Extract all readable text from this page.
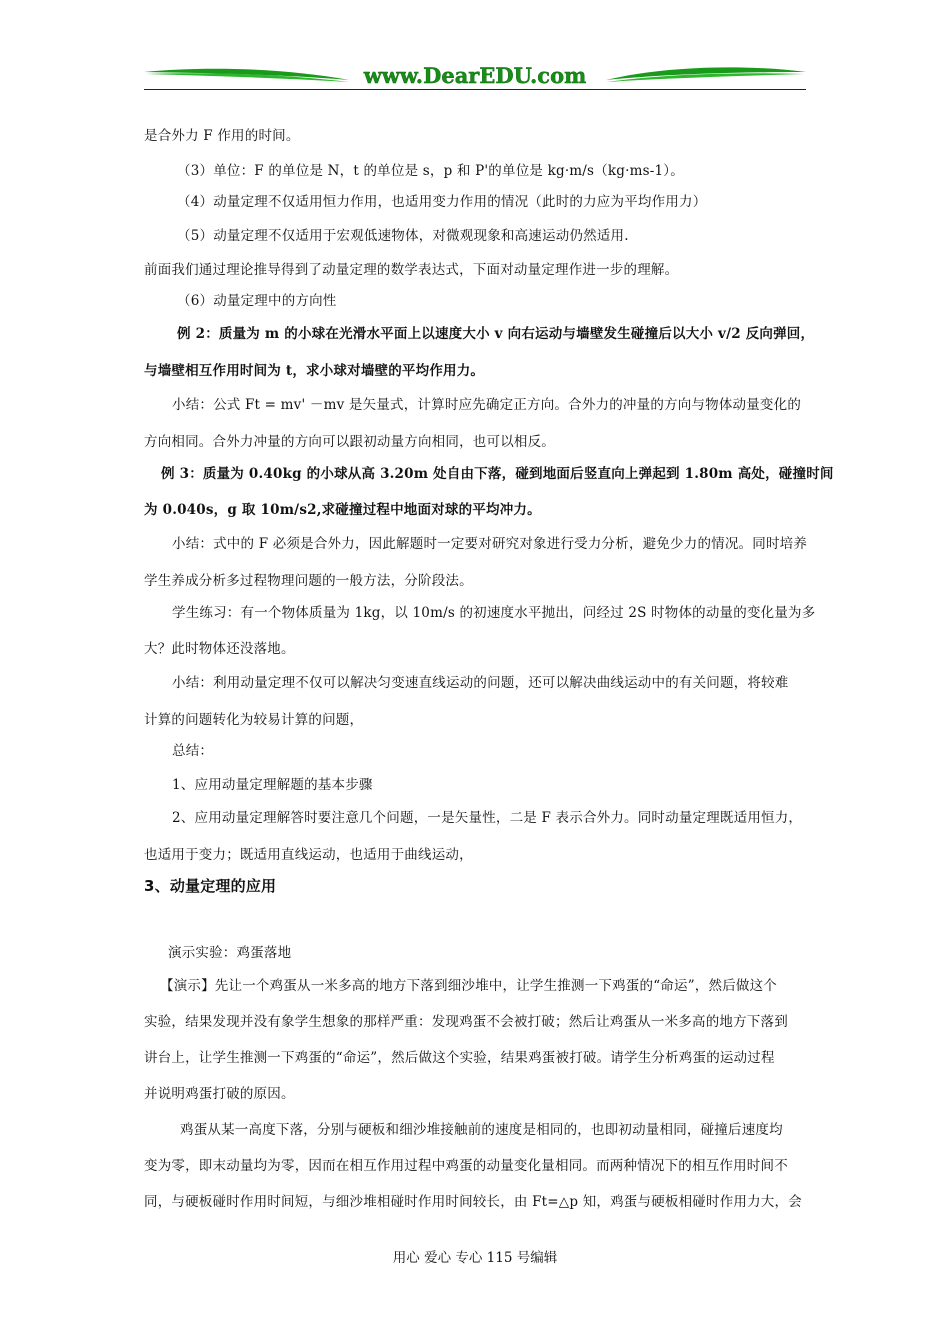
www.DearEDU.com
是合外力 F 作用的时间。
（3）单位：F 的单位是 N，t 的单位是 s，p 和 P'的单位是 kg·m/s（kg·ms-1）。
（4）动量定理不仅适用恒力作用，也适用变力作用的情况（此时的力应为平均作用力）
（5）动量定理不仅适用于宏观低速物体，对微观现象和高速运动仍然适用.
前面我们通过理论推导得到了动量定理的数学表达式，下面对动量定理作进一步的理解。
（6）动量定理中的方向性
例 2：质量为 m 的小球在光滑水平面上以速度大小 v 向右运动与墙壁发生碰撞后以大小 v/2 反向弹回，
与墙壁相互作用时间为 t，求小球对墙壁的平均作用力。
小结：公式 Ft = mv' －mv 是矢量式，计算时应先确定正方向。合外力的冲量的方向与物体动量变化的
方向相同。合外力冲量的方向可以跟初动量方向相同，也可以相反。
例 3：质量为 0.40kg 的小球从高 3.20m 处自由下落，碰到地面后竖直向上弹起到 1.80m 高处，碰撞时间
为 0.040s，g 取 10m/s2,求碰撞过程中地面对球的平均冲力。
小结：式中的 F 必须是合外力，因此解题时一定要对研究对象进行受力分析，避免少力的情况。同时培养
学生养成分析多过程物理问题的一般方法，分阶段法。
学生练习：有一个物体质量为 1kg，以 10m/s 的初速度水平抛出，问经过 2S 时物体的动量的变化量为多
大？此时物体还没落地。
小结：利用动量定理不仅可以解决匀变速直线运动的问题，还可以解决曲线运动中的有关问题，将较难
计算的问题转化为较易计算的问题，
总结：
1、应用动量定理解题的基本步骤
2、应用动量定理解答时要注意几个问题，一是矢量性，二是 F 表示合外力。同时动量定理既适用恒力，
也适用于变力；既适用直线运动，也适用于曲线运动，
3、动量定理的应用
演示实验：鸡蛋落地
【演示】先让一个鸡蛋从一米多高的地方下落到细沙堆中，让学生推测一下鸡蛋的“命运”，然后做这个
实验，结果发现并没有象学生想象的那样严重：发现鸡蛋不会被打破；然后让鸡蛋从一米多高的地方下落到
讲台上，让学生推测一下鸡蛋的“命运”，然后做这个实验，结果鸡蛋被打破。请学生分析鸡蛋的运动过程
并说明鸡蛋打破的原因。
鸡蛋从某一高度下落，分别与硬板和细沙堆接触前的速度是相同的，也即初动量相同，碰撞后速度均
变为零，即末动量均为零，因而在相互作用过程中鸡蛋的动量变化量相同。而两种情况下的相互作用时间不
同，与硬板碰时作用时间短，与细沙堆相碰时作用时间较长，由 Ft=△p 知，鸡蛋与硬板相碰时作用力大，会
用心 爱心 专心 115 号编辑
